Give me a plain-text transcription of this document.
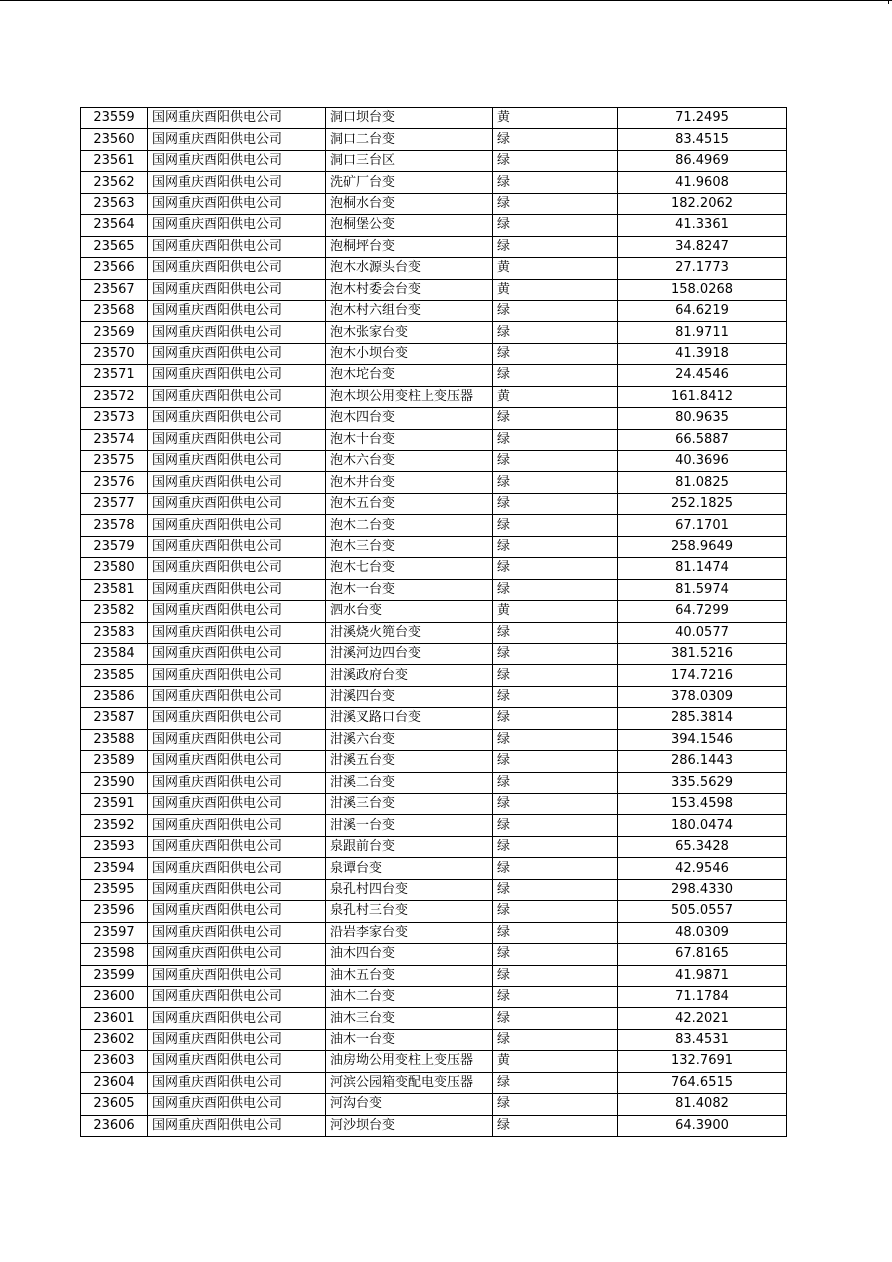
23559	国网重庆酉阳供电公司	洞口坝台变	黄	71.2495
23560	国网重庆酉阳供电公司	洞口二台变	绿	83.4515
23561	国网重庆酉阳供电公司	洞口三台区	绿	86.4969
23562	国网重庆酉阳供电公司	洗矿厂台变	绿	41.9608
23563	国网重庆酉阳供电公司	泡桐水台变	绿	182.2062
23564	国网重庆酉阳供电公司	泡桐堡公变	绿	41.3361
23565	国网重庆酉阳供电公司	泡桐坪台变	绿	34.8247
23566	国网重庆酉阳供电公司	泡木水源头台变	黄	27.1773
23567	国网重庆酉阳供电公司	泡木村委会台变	黄	158.0268
23568	国网重庆酉阳供电公司	泡木村六组台变	绿	64.6219
23569	国网重庆酉阳供电公司	泡木张家台变	绿	81.9711
23570	国网重庆酉阳供电公司	泡木小坝台变	绿	41.3918
23571	国网重庆酉阳供电公司	泡木坨台变	绿	24.4546
23572	国网重庆酉阳供电公司	泡木坝公用变柱上变压器	黄	161.8412
23573	国网重庆酉阳供电公司	泡木四台变	绿	80.9635
23574	国网重庆酉阳供电公司	泡木十台变	绿	66.5887
23575	国网重庆酉阳供电公司	泡木六台变	绿	40.3696
23576	国网重庆酉阳供电公司	泡木井台变	绿	81.0825
23577	国网重庆酉阳供电公司	泡木五台变	绿	252.1825
23578	国网重庆酉阳供电公司	泡木二台变	绿	67.1701
23579	国网重庆酉阳供电公司	泡木三台变	绿	258.9649
23580	国网重庆酉阳供电公司	泡木七台变	绿	81.1474
23581	国网重庆酉阳供电公司	泡木一台变	绿	81.5974
23582	国网重庆酉阳供电公司	泗水台变	黄	64.7299
23583	国网重庆酉阳供电公司	泔溪烧火篼台变	绿	40.0577
23584	国网重庆酉阳供电公司	泔溪河边四台变	绿	381.5216
23585	国网重庆酉阳供电公司	泔溪政府台变	绿	174.7216
23586	国网重庆酉阳供电公司	泔溪四台变	绿	378.0309
23587	国网重庆酉阳供电公司	泔溪叉路口台变	绿	285.3814
23588	国网重庆酉阳供电公司	泔溪六台变	绿	394.1546
23589	国网重庆酉阳供电公司	泔溪五台变	绿	286.1443
23590	国网重庆酉阳供电公司	泔溪二台变	绿	335.5629
23591	国网重庆酉阳供电公司	泔溪三台变	绿	153.4598
23592	国网重庆酉阳供电公司	泔溪一台变	绿	180.0474
23593	国网重庆酉阳供电公司	泉跟前台变	绿	65.3428
23594	国网重庆酉阳供电公司	泉谭台变	绿	42.9546
23595	国网重庆酉阳供电公司	泉孔村四台变	绿	298.4330
23596	国网重庆酉阳供电公司	泉孔村三台变	绿	505.0557
23597	国网重庆酉阳供电公司	沿岩李家台变	绿	48.0309
23598	国网重庆酉阳供电公司	油木四台变	绿	67.8165
23599	国网重庆酉阳供电公司	油木五台变	绿	41.9871
23600	国网重庆酉阳供电公司	油木二台变	绿	71.1784
23601	国网重庆酉阳供电公司	油木三台变	绿	42.2021
23602	国网重庆酉阳供电公司	油木一台变	绿	83.4531
23603	国网重庆酉阳供电公司	油房坳公用变柱上变压器	黄	132.7691
23604	国网重庆酉阳供电公司	河滨公园箱变配电变压器	绿	764.6515
23605	国网重庆酉阳供电公司	河沟台变	绿	81.4082
23606	国网重庆酉阳供电公司	河沙坝台变	绿	64.3900
